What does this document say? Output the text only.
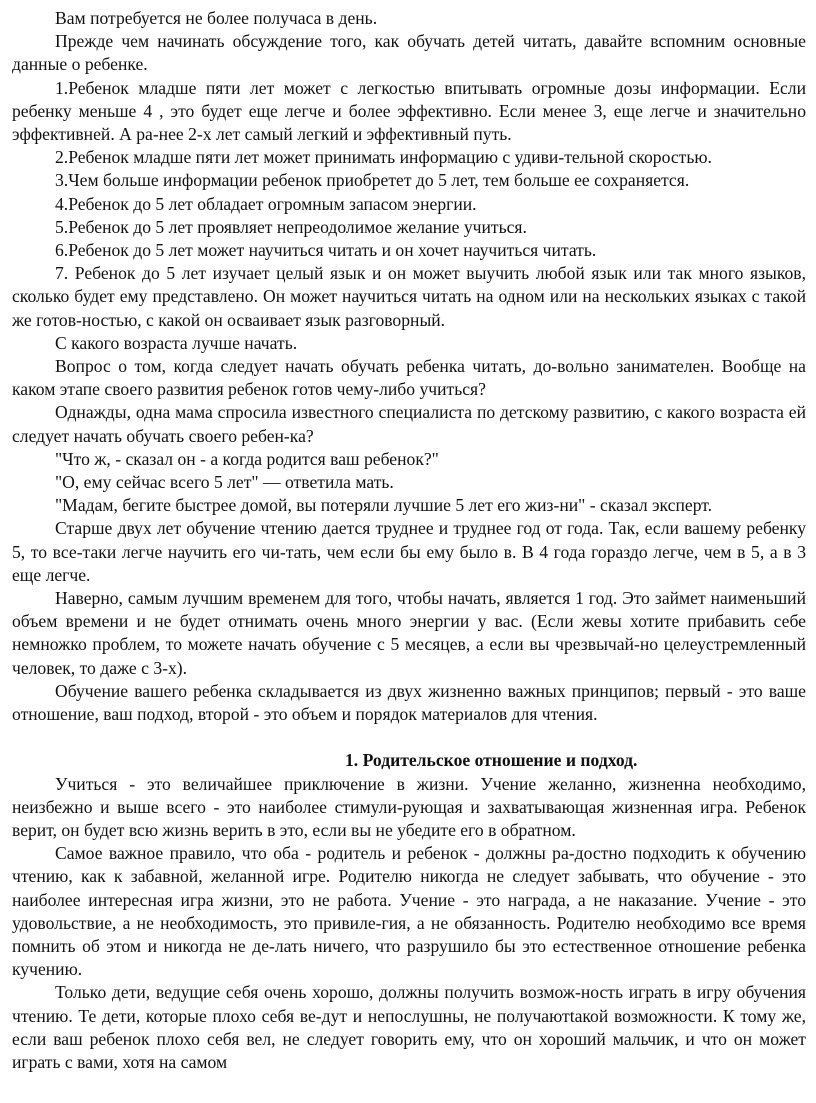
Вам потребуется не более получаса в день.

Прежде чем начинать обсуждение того, как обучать детей читать, давайте вспомним основные данные о ребенке.

1.Ребенок младше пяти лет может с легкостью впитывать огромные дозы информации. Если ребенку меньше 4 , это будет еще легче и более эффективно. Если менее 3, еще легче и значительно эффективней. А ра-нее 2-х лет самый легкий и эффективный путь.

2.Ребенок младше пяти лет может принимать информацию с удиви-тельной скоростью.

3.Чем больше информации ребенок приобретет до 5 лет, тем больше ее сохраняется.

4.Ребенок до 5 лет обладает огромным запасом энергии.

5.Ребенок до 5 лет проявляет непреодолимое желание учиться.

6.Ребенок до 5 лет может научиться читать и он хочет научиться читать.

7. Ребенок до 5 лет изучает целый язык и он может выучить любой язык или так много языков, сколько будет ему представлено. Он может научиться читать на одном или на нескольких языках с такой же готов-ностью, с какой он осваивает язык разговорный.

С какого возраста лучше начать.

Вопрос о том, когда следует начать обучать ребенка читать, до-вольно занимателен. Вообще на каком этапе своего развития ребенок готов чему-либо учиться?

Однажды, одна мама спросила известного специалиста по детскому развитию, с какого возраста ей следует начать обучать своего ребен-ка?

"Что ж, - сказал он - а когда родится ваш ребенок?"

"О, ему сейчас всего 5 лет" — ответила мать.

"Мадам, бегите быстрее домой, вы потеряли лучшие 5 лет его жиз-ни" - сказал эксперт.

Старше двух лет обучение чтению дается труднее и труднее год от года. Так, если вашему ребенку 5, то все-таки легче научить его чи-тать, чем если бы ему было в. В 4 года гораздо легче, чем в 5, а в 3 еще легче.

Наверно, самым лучшим временем для того, чтобы начать, является 1 год. Это займет наименьший объем времени и не будет отнимать очень много энергии у вас. (Если жевы хотите прибавить себе немножко проблем, то можете начать обучение с 5 месяцев, а если вы чрезвычай-но целеустремленный человек, то даже с 3-х).

Обучение вашего ребенка складывается из двух жизненно важных принципов; первый - это ваше отношение, ваш подход, второй - это объем и порядок материалов для чтения.

1. Родительское отношение и подход.

Учиться - это величайшее приключение в жизни. Учение желанно, жизненна необходимо, неизбежно и выше всего - это наиболее стимули-рующая и захватывающая жизненная игра. Ребенок верит, он будет всю жизнь верить в это, если вы не убедите его в обратном.

Самое важное правило, что оба - родитель и ребенок - должны ра-достно подходить к обучению чтению, как к забавной, желанной игре. Родителю никогда не следует забывать, что обучение - это наиболее интересная игра жизни, это не работа. Учение - это награда, а не наказание. Учение - это удовольствие, а не необходимость, это привиле-гия, а не обязанность. Родителю необходимо все время помнить об этом и никогда не де-лать ничего, что разрушило бы это естественное отношение ребенка кучению.

Только дети, ведущие себя очень хорошо, должны получить возмож-ность играть в игру обучения чтению. Те дети, которые плохо себя ве-дут и непослушны, не получаютtакой возможности. К тому же, если ваш ребенок плохо себя вел, не следует говорить ему, что он хороший мальчик, и что он может играть с вами, хотя на самом
